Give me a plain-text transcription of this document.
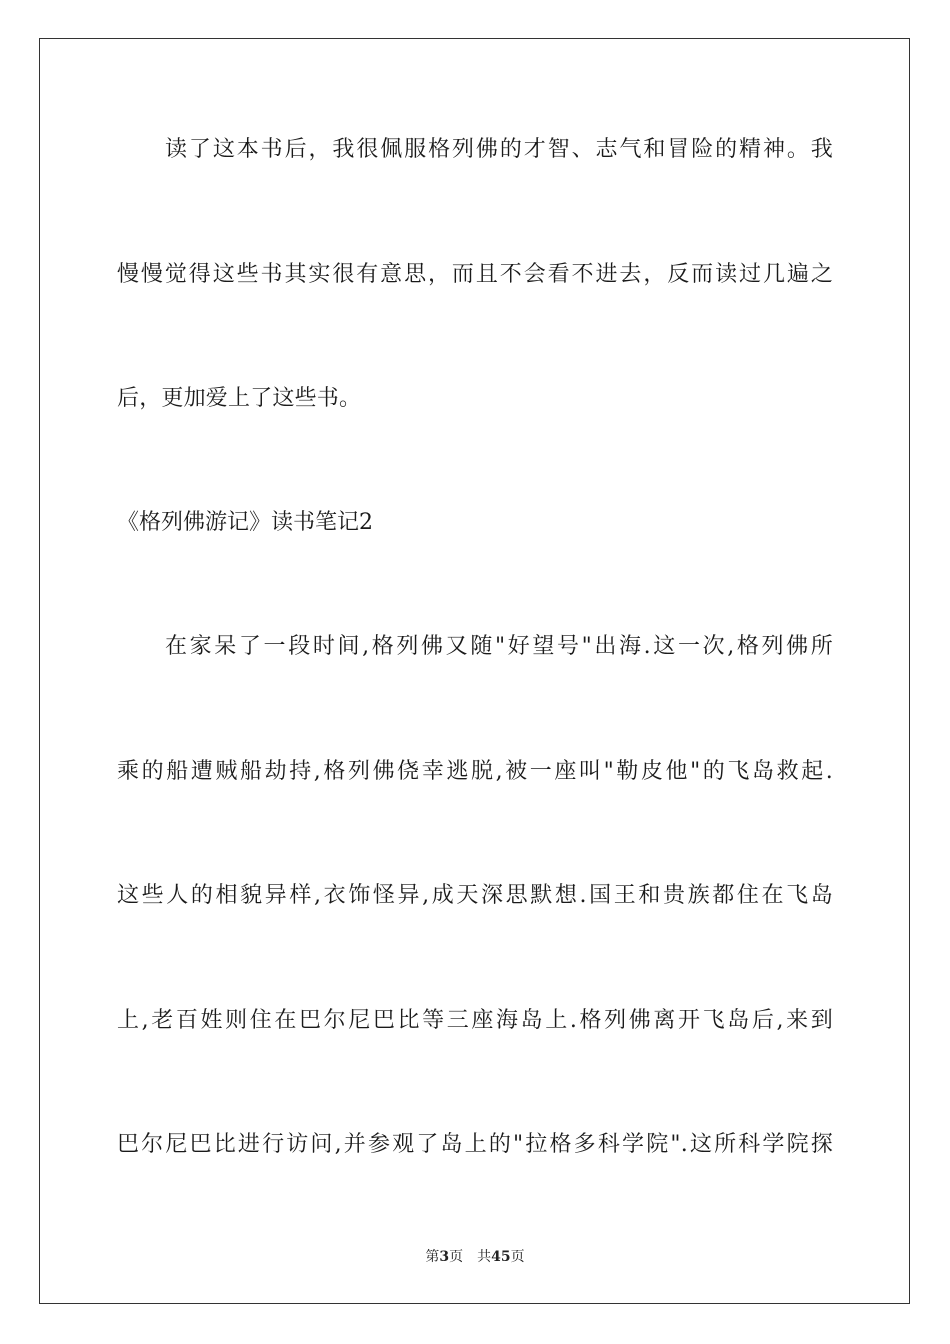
读了这本书后，我很佩服格列佛的才智、志气和冒险的精神。我
慢慢觉得这些书其实很有意思，而且不会看不进去，反而读过几遍之
后，更加爱上了这些书。
《格列佛游记》读书笔记2
在家呆了一段时间,格列佛又随"好望号"出海.这一次,格列佛所
乘的船遭贼船劫持,格列佛侥幸逃脱,被一座叫"勒皮他"的飞岛救起.
这些人的相貌异样,衣饰怪异,成天深思默想.国王和贵族都住在飞岛
上,老百姓则住在巴尔尼巴比等三座海岛上.格列佛离开飞岛后,来到
巴尔尼巴比进行访问,并参观了岛上的"拉格多科学院".这所科学院探
第3页 共45页
